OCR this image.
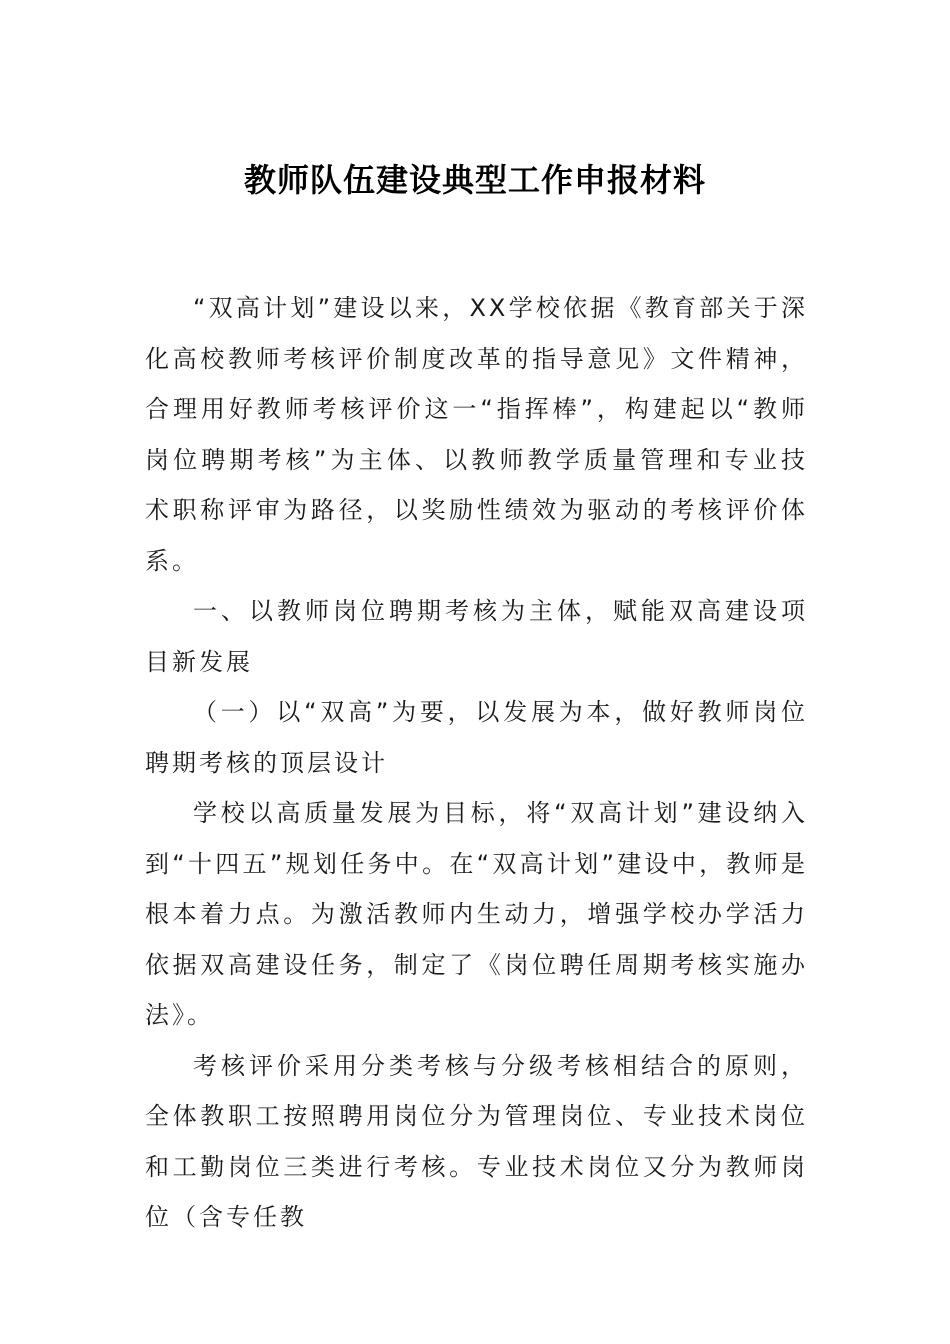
教师队伍建设典型工作申报材料

“双高计划”建设以来，XX学校依据《教育部关于深化高校教师考核评价制度改革的指导意见》文件精神，合理用好教师考核评价这一“指挥棒”，构建起以“教师岗位聘期考核”为主体、以教师教学质量管理和专业技术职称评审为路径，以奖励性绩效为驱动的考核评价体系。

一、以教师岗位聘期考核为主体，赋能双高建设项目新发展

（一）以“双高”为要，以发展为本，做好教师岗位聘期考核的顶层设计

学校以高质量发展为目标，将“双高计划”建设纳入到“十四五”规划任务中。在“双高计划”建设中，教师是根本着力点。为激活教师内生动力，增强学校办学活力依据双高建设任务，制定了《岗位聘任周期考核实施办法》。

考核评价采用分类考核与分级考核相结合的原则，全体教职工按照聘用岗位分为管理岗位、专业技术岗位和工勤岗位三类进行考核。专业技术岗位又分为教师岗位（含专任教
